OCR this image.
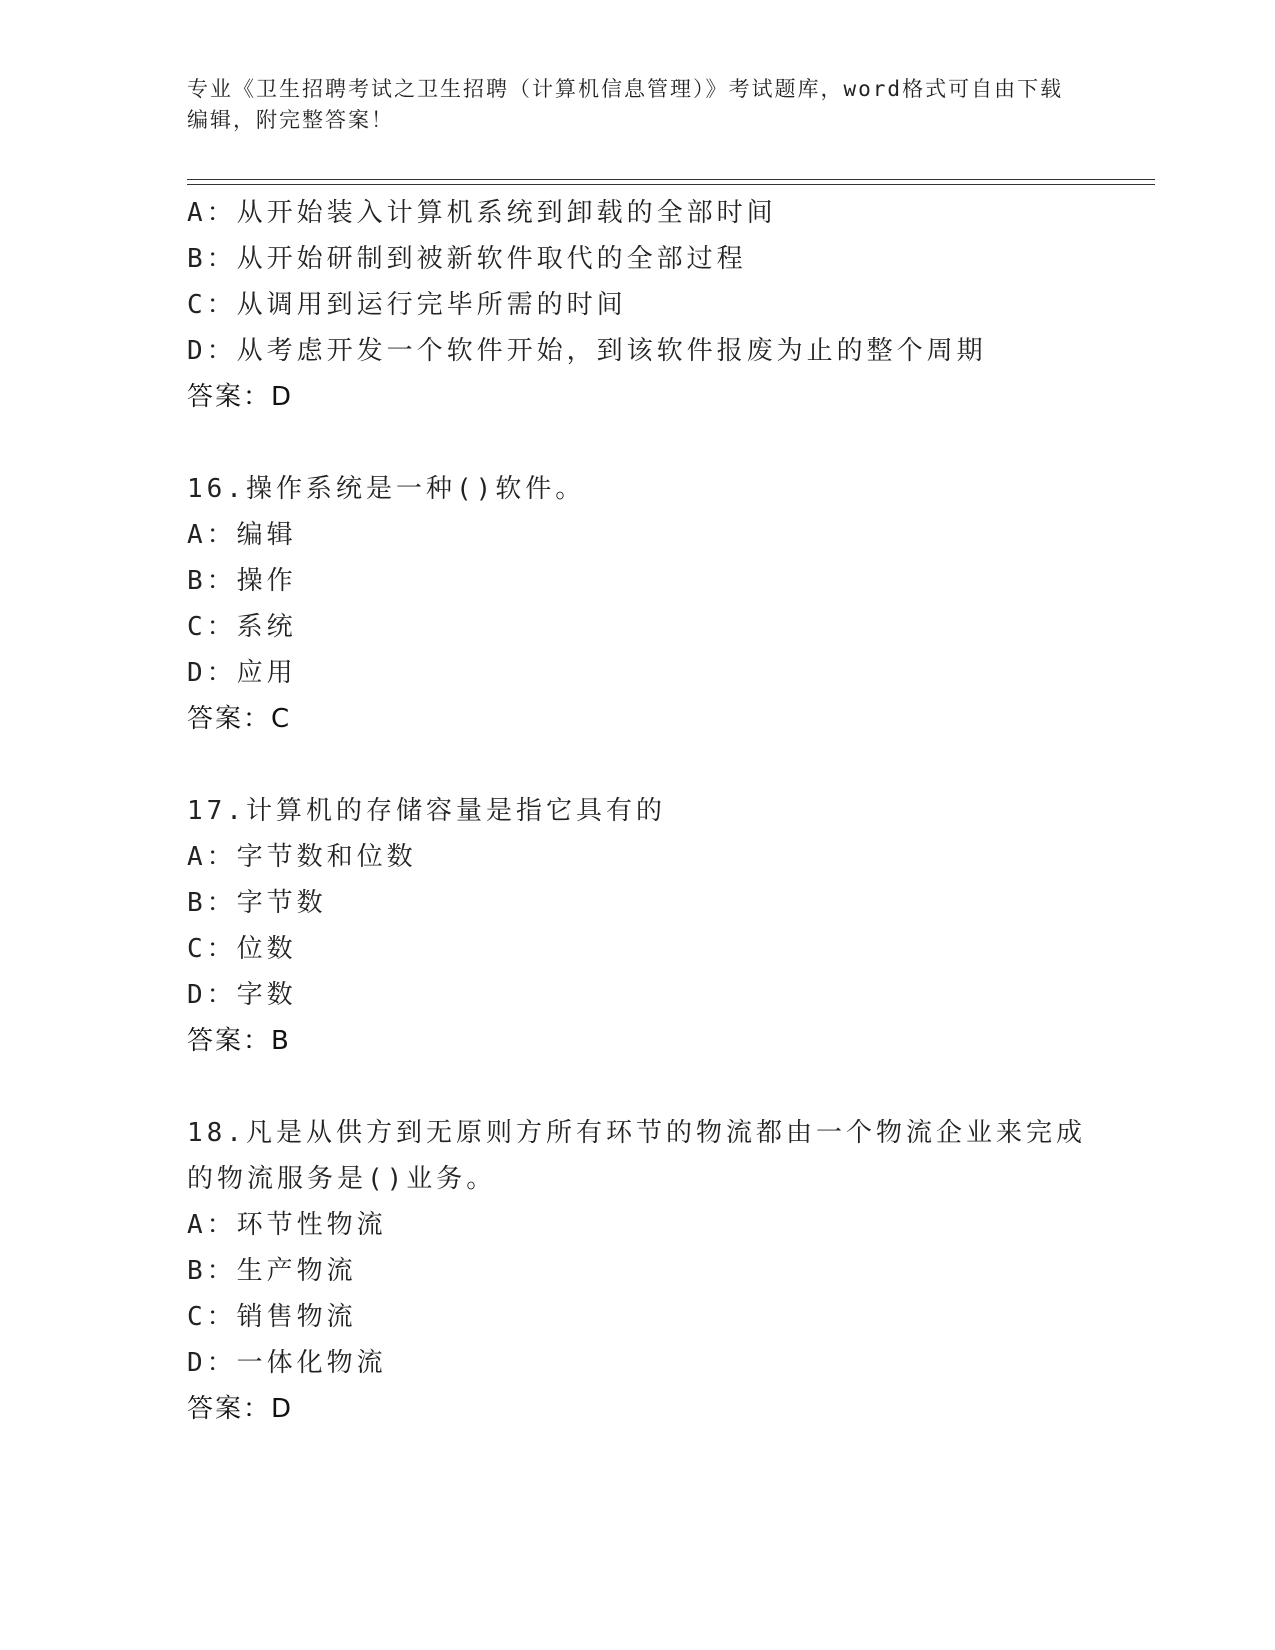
专业《卫生招聘考试之卫生招聘（计算机信息管理）》考试题库，word格式可自由下载编辑，附完整答案！
A：从开始装入计算机系统到卸载的全部时间
B：从开始研制到被新软件取代的全部过程
C：从调用到运行完毕所需的时间
D：从考虑开发一个软件开始，到该软件报废为止的整个周期
答案：D
16.操作系统是一种()软件。
A：编辑
B：操作
C：系统
D：应用
答案：C
17.计算机的存储容量是指它具有的
A：字节数和位数
B：字节数
C：位数
D：字数
答案：B
18.凡是从供方到无原则方所有环节的物流都由一个物流企业来完成的物流服务是()业务。
A：环节性物流
B：生产物流
C：销售物流
D：一体化物流
答案：D
